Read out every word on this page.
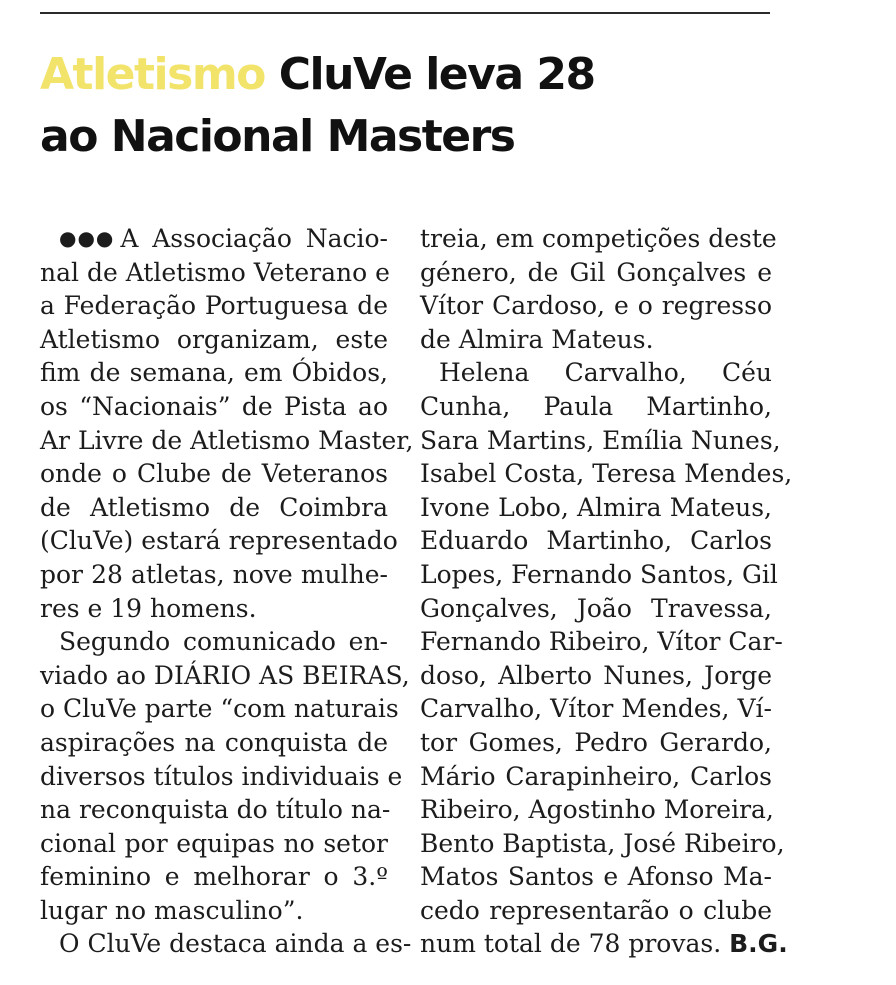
Atletismo CluVe leva 28
ao Nacional Masters
●●● A Associação Nacio-
nal de Atletismo Veterano e
a Federação Portuguesa de
Atletismo organizam, este
fim de semana, em Óbidos,
os “Nacionais” de Pista ao
Ar Livre de Atletismo Master,
onde o Clube de Veteranos
de Atletismo de Coimbra
(CluVe) estará representado
por 28 atletas, nove mulhe-
res e 19 homens.
Segundo comunicado en-
viado ao DIÁRIO AS BEIRAS,
o CluVe parte “com naturais
aspirações na conquista de
diversos títulos individuais e
na reconquista do título na-
cional por equipas no setor
feminino e melhorar o 3.º
lugar no masculino”.
O CluVe destaca ainda a es-
treia, em competições deste
género, de Gil Gonçalves e
Vítor Cardoso, e o regresso
de Almira Mateus.
Helena Carvalho, Céu
Cunha, Paula Martinho,
Sara Martins, Emília Nunes,
Isabel Costa, Teresa Mendes,
Ivone Lobo, Almira Mateus,
Eduardo Martinho, Carlos
Lopes, Fernando Santos, Gil
Gonçalves, João Travessa,
Fernando Ribeiro, Vítor Car-
doso, Alberto Nunes, Jorge
Carvalho, Vítor Mendes, Ví-
tor Gomes, Pedro Gerardo,
Mário Carapinheiro, Carlos
Ribeiro, Agostinho Moreira,
Bento Baptista, José Ribeiro,
Matos Santos e Afonso Ma-
cedo representarão o clube
num total de 78 provas. B.G.
